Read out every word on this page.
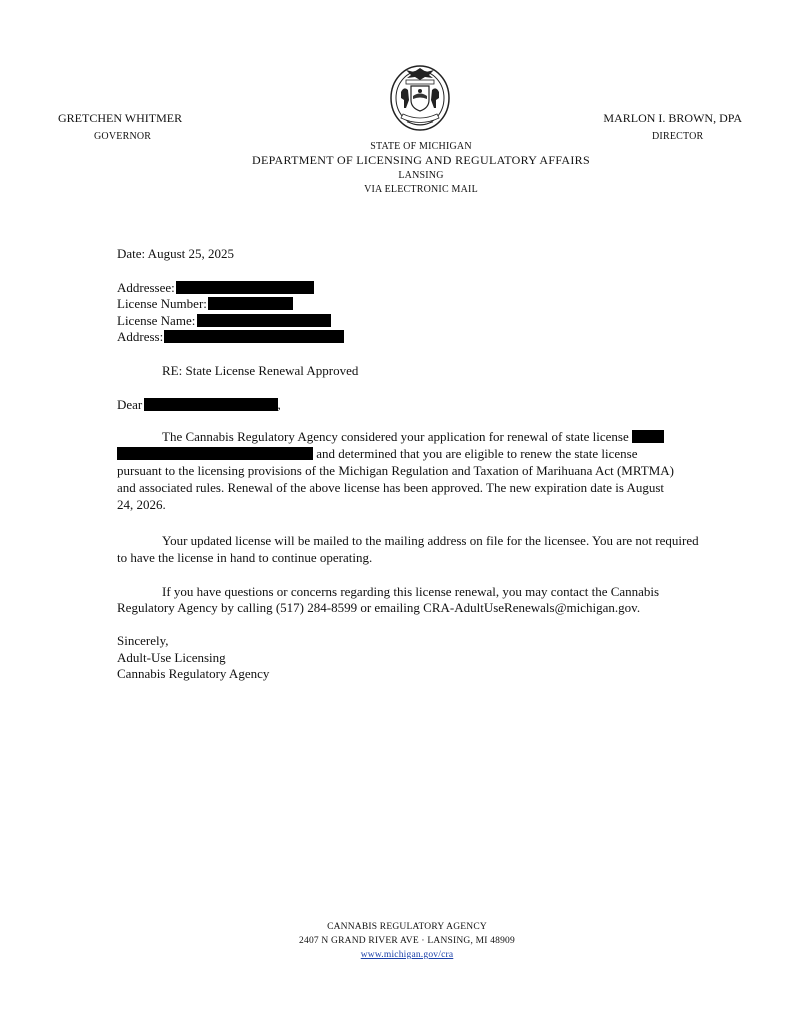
GRETCHEN WHITMER
GOVERNOR
MARLON I. BROWN, DPA
DIRECTOR
STATE OF MICHIGAN
DEPARTMENT OF LICENSING AND REGULATORY AFFAIRS
LANSING
VIA ELECTRONIC MAIL
Date: August 25, 2025
Addressee:
License Number:
License Name:
Address:
RE: State License Renewal Approved
Dear	,
The Cannabis Regulatory Agency considered your application for renewal of state license
and determined that you are eligible to renew the state license
pursuant to the licensing provisions of the Michigan Regulation and Taxation of Marihuana Act (MRTMA)
and associated rules. Renewal of the above license has been approved. The new expiration date is August
24, 2026.
Your updated license will be mailed to the mailing address on file for the licensee. You are not required
to have the license in hand to continue operating.
If you have questions or concerns regarding this license renewal, you may contact the Cannabis
Regulatory Agency by calling (517) 284-8599 or emailing CRA-AdultUseRenewals@michigan.gov.
Sincerely,
Adult-Use Licensing
Cannabis Regulatory Agency
CANNABIS REGULATORY AGENCY
2407 N GRAND RIVER AVE · LANSING, MI 48909
www.michigan.gov/cra
